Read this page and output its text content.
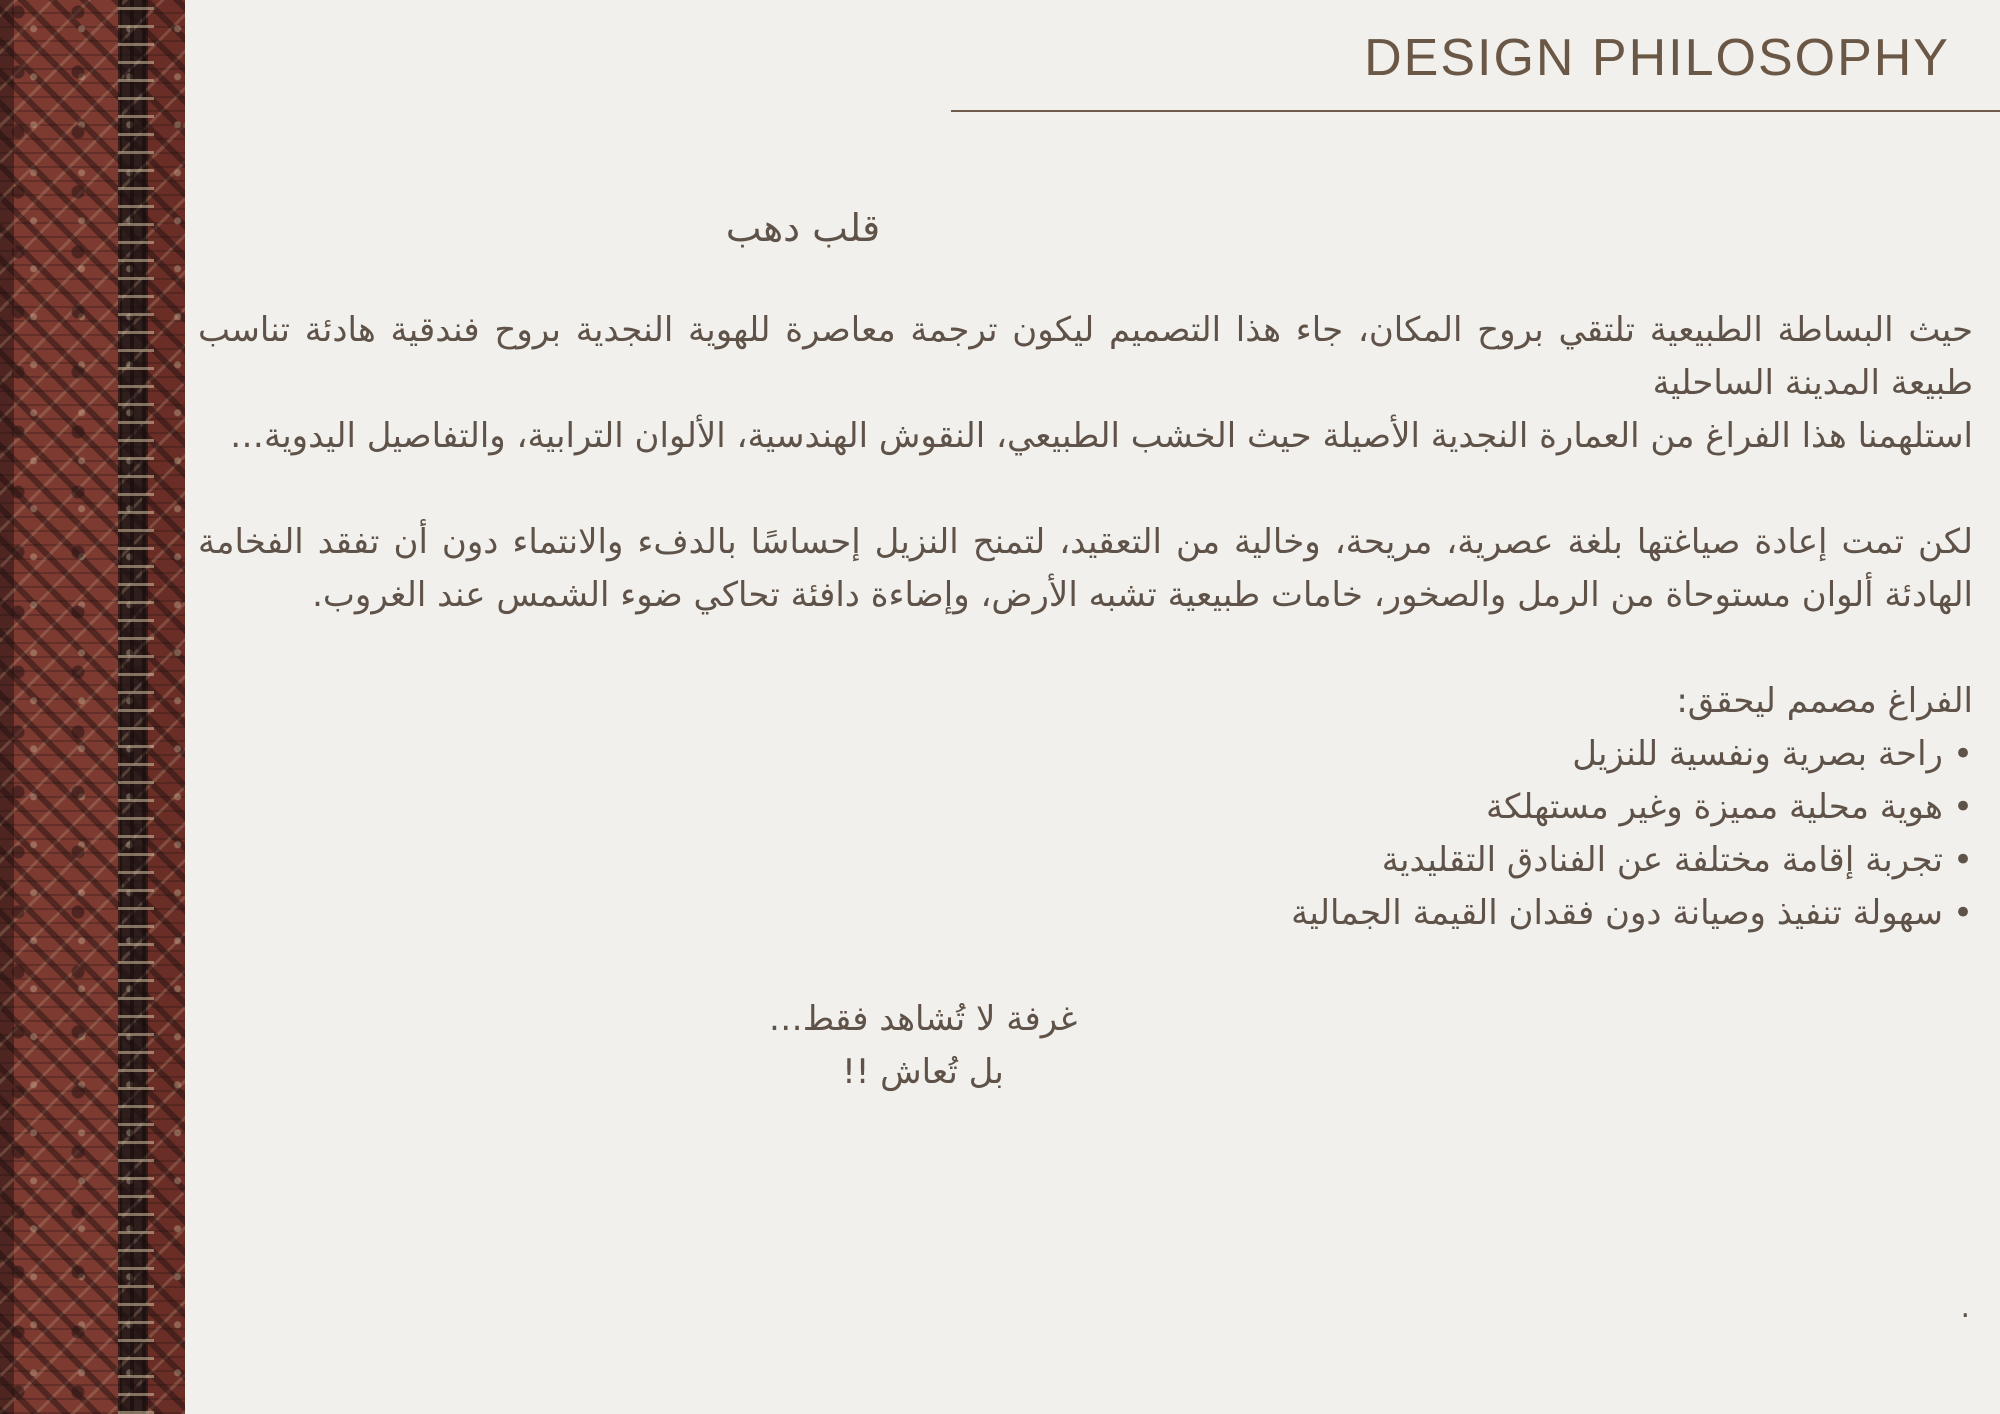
DESIGN PHILOSOPHY
قلب دهب

حيث البساطة الطبيعية تلتقي بروح المكان، جاء هذا التصميم ليكون ترجمة معاصرة للهوية النجدية بروح فندقية هادئة تناسب طبيعة المدينة الساحلية

استلهمنا هذا الفراغ من العمارة النجدية الأصيلة حيث الخشب الطبيعي، النقوش الهندسية، الألوان الترابية، والتفاصيل اليدوية…

لكن تمت إعادة صياغتها بلغة عصرية، مريحة، وخالية من التعقيد، لتمنح النزيل إحساسًا بالدفء والانتماء دون أن تفقد الفخامة الهادئة ألوان مستوحاة من الرمل والصخور، خامات طبيعية تشبه الأرض، وإضاءة دافئة تحاكي ضوء الشمس عند الغروب.

الفراغ مصمم ليحقق:

•راحة بصرية ونفسية للنزيل
•هوية محلية مميزة وغير مستهلكة
•تجربة إقامة مختلفة عن الفنادق التقليدية
•سهولة تنفيذ وصيانة دون فقدان القيمة الجمالية

غرفة لا تُشاهد فقط…

بل تُعاش !!

.
